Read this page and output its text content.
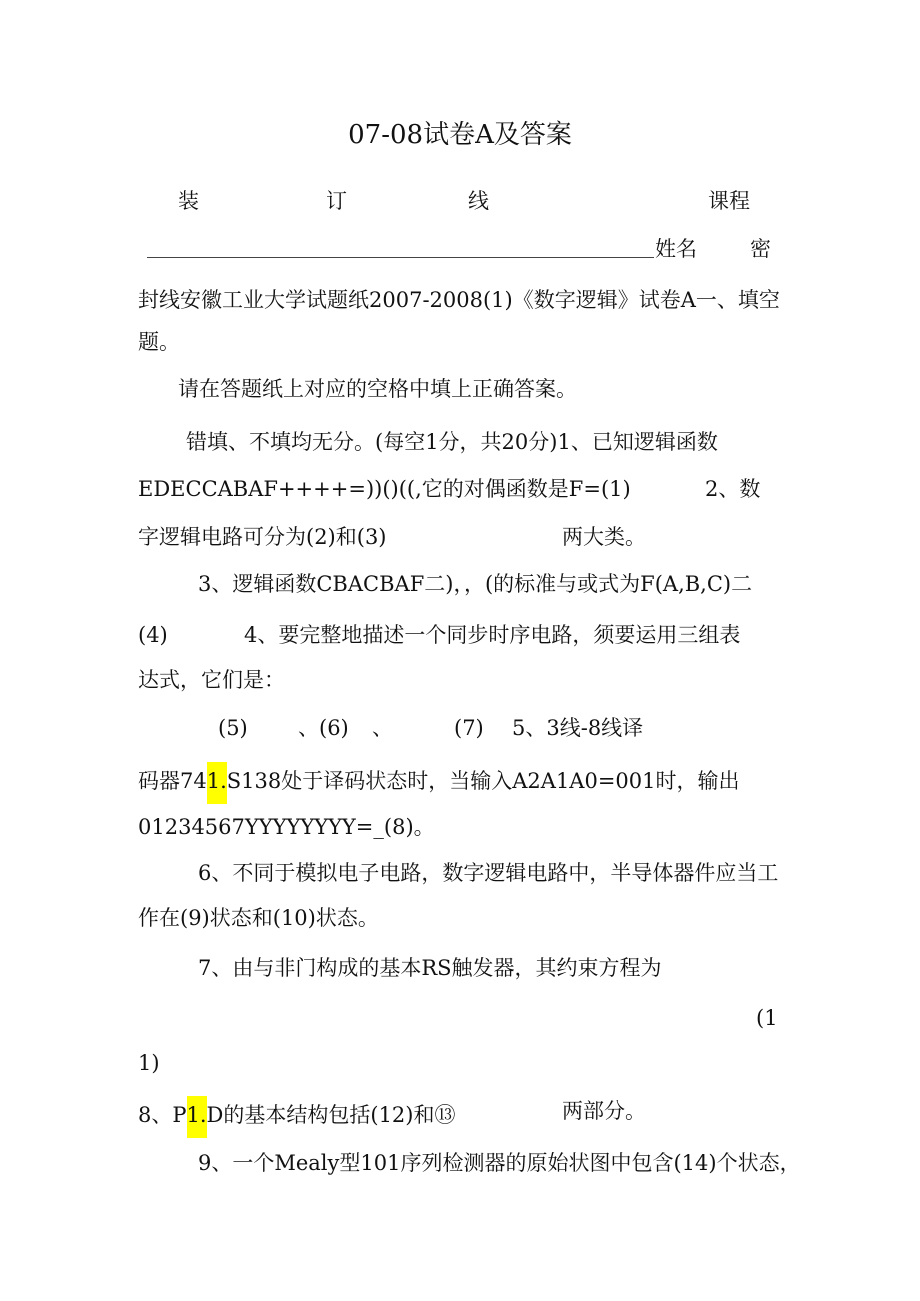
07-08试卷A及答案
装	订	线	课程
姓名	密
封线安徽工业大学试题纸2007-2008(1)《数字逻辑》试卷A一、填空
题。
请在答题纸上对应的空格中填上正确答案。
错填、不填均无分。(每空1分，共20分)1、已知逻辑函数
EDECCABAF++++=))()((,它的对偶函数是F=(1)	2、数
字逻辑电路可分为(2)和(3)	两大类。
3、逻辑函数CBACBAF二)，，(的标准与或式为F(A,B,C)二
(4)	4、要完整地描述一个同步时序电路，须要运用三组表
达式，它们是：
(5) 、(6) 、	(7) 5、3线-8线译
码器741.S138处于译码状态时，当输入A2A1A0=001时，输出
01234567YYYYYYYY=_(8)。
6、不同于模拟电子电路，数字逻辑电路中，半导体器件应当工
作在(9)状态和(10)状态。
7、由与非门构成的基本RS触发器，其约束方程为
(1
1)
8、P1.D的基本结构包括(12)和⑬	两部分。
9、一个Mealy型101序列检测器的原始状图中包含(14)个状态，
